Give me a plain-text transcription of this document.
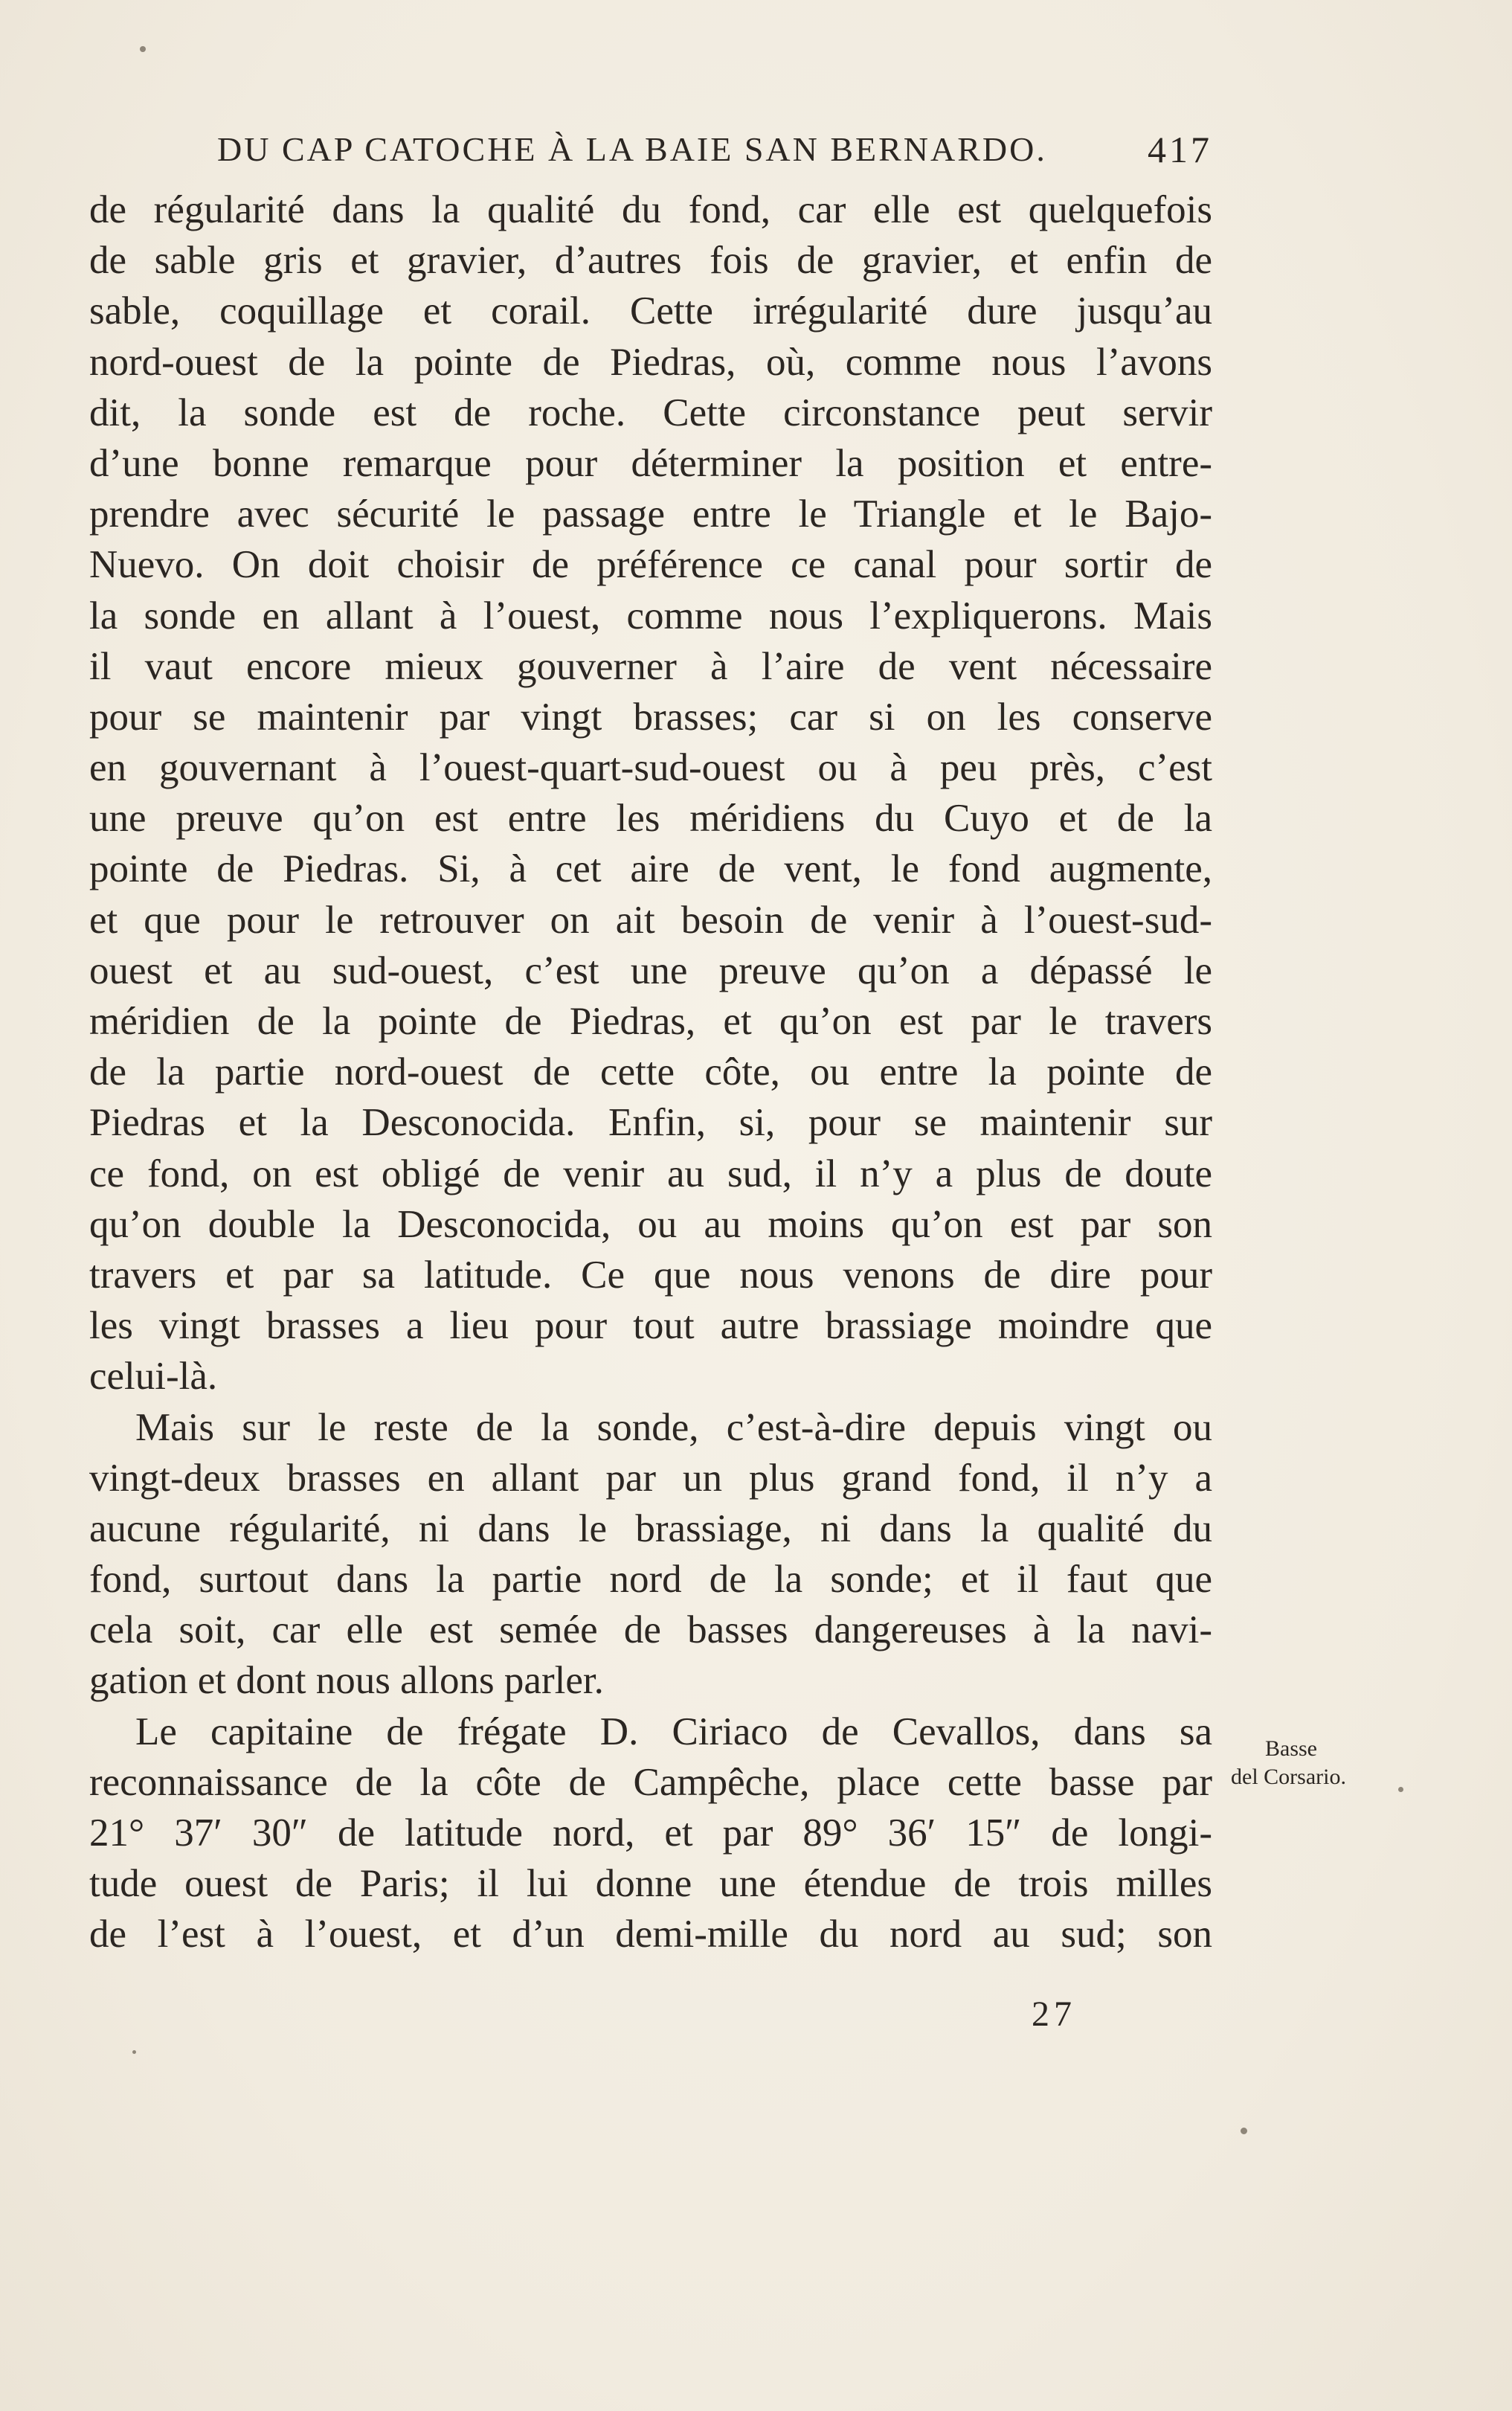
DU CAP CATOCHE À LA BAIE SAN BERNARDO.	417
de régularité dans la qualité du fond, car elle est quelquefois
de sable gris et gravier, d’autres fois de gravier, et enfin de
sable, coquillage et corail. Cette irrégularité dure jusqu’au
nord-ouest de la pointe de Piedras, où, comme nous l’avons
dit, la sonde est de roche. Cette circonstance peut servir
d’une bonne remarque pour déterminer la position et entre-
prendre avec sécurité le passage entre le Triangle et le Bajo-
Nuevo. On doit choisir de préférence ce canal pour sortir de
la sonde en allant à l’ouest, comme nous l’expliquerons. Mais
il vaut encore mieux gouverner à l’aire de vent nécessaire
pour se maintenir par vingt brasses; car si on les conserve
en gouvernant à l’ouest-quart-sud-ouest ou à peu près, c’est
une preuve qu’on est entre les méridiens du Cuyo et de la
pointe de Piedras. Si, à cet aire de vent, le fond augmente,
et que pour le retrouver on ait besoin de venir à l’ouest-sud-
ouest et au sud-ouest, c’est une preuve qu’on a dépassé le
méridien de la pointe de Piedras, et qu’on est par le travers
de la partie nord-ouest de cette côte, ou entre la pointe de
Piedras et la Desconocida. Enfin, si, pour se maintenir sur
ce fond, on est obligé de venir au sud, il n’y a plus de doute
qu’on double la Desconocida, ou au moins qu’on est par son
travers et par sa latitude. Ce que nous venons de dire pour
les vingt brasses a lieu pour tout autre brassiage moindre que
celui-là.
Mais sur le reste de la sonde, c’est-à-dire depuis vingt ou
vingt-deux brasses en allant par un plus grand fond, il n’y a
aucune régularité, ni dans le brassiage, ni dans la qualité du
fond, surtout dans la partie nord de la sonde; et il faut que
cela soit, car elle est semée de basses dangereuses à la navi-
gation et dont nous allons parler.
Le capitaine de frégate D. Ciriaco de Cevallos, dans sa
reconnaissance de la côte de Campêche, place cette basse par
21° 37′ 30″ de latitude nord, et par 89° 36′ 15″ de longi-
tude ouest de Paris; il lui donne une étendue de trois milles
de l’est à l’ouest, et d’un demi-mille du nord au sud; son
Basse
del Corsario.
27
